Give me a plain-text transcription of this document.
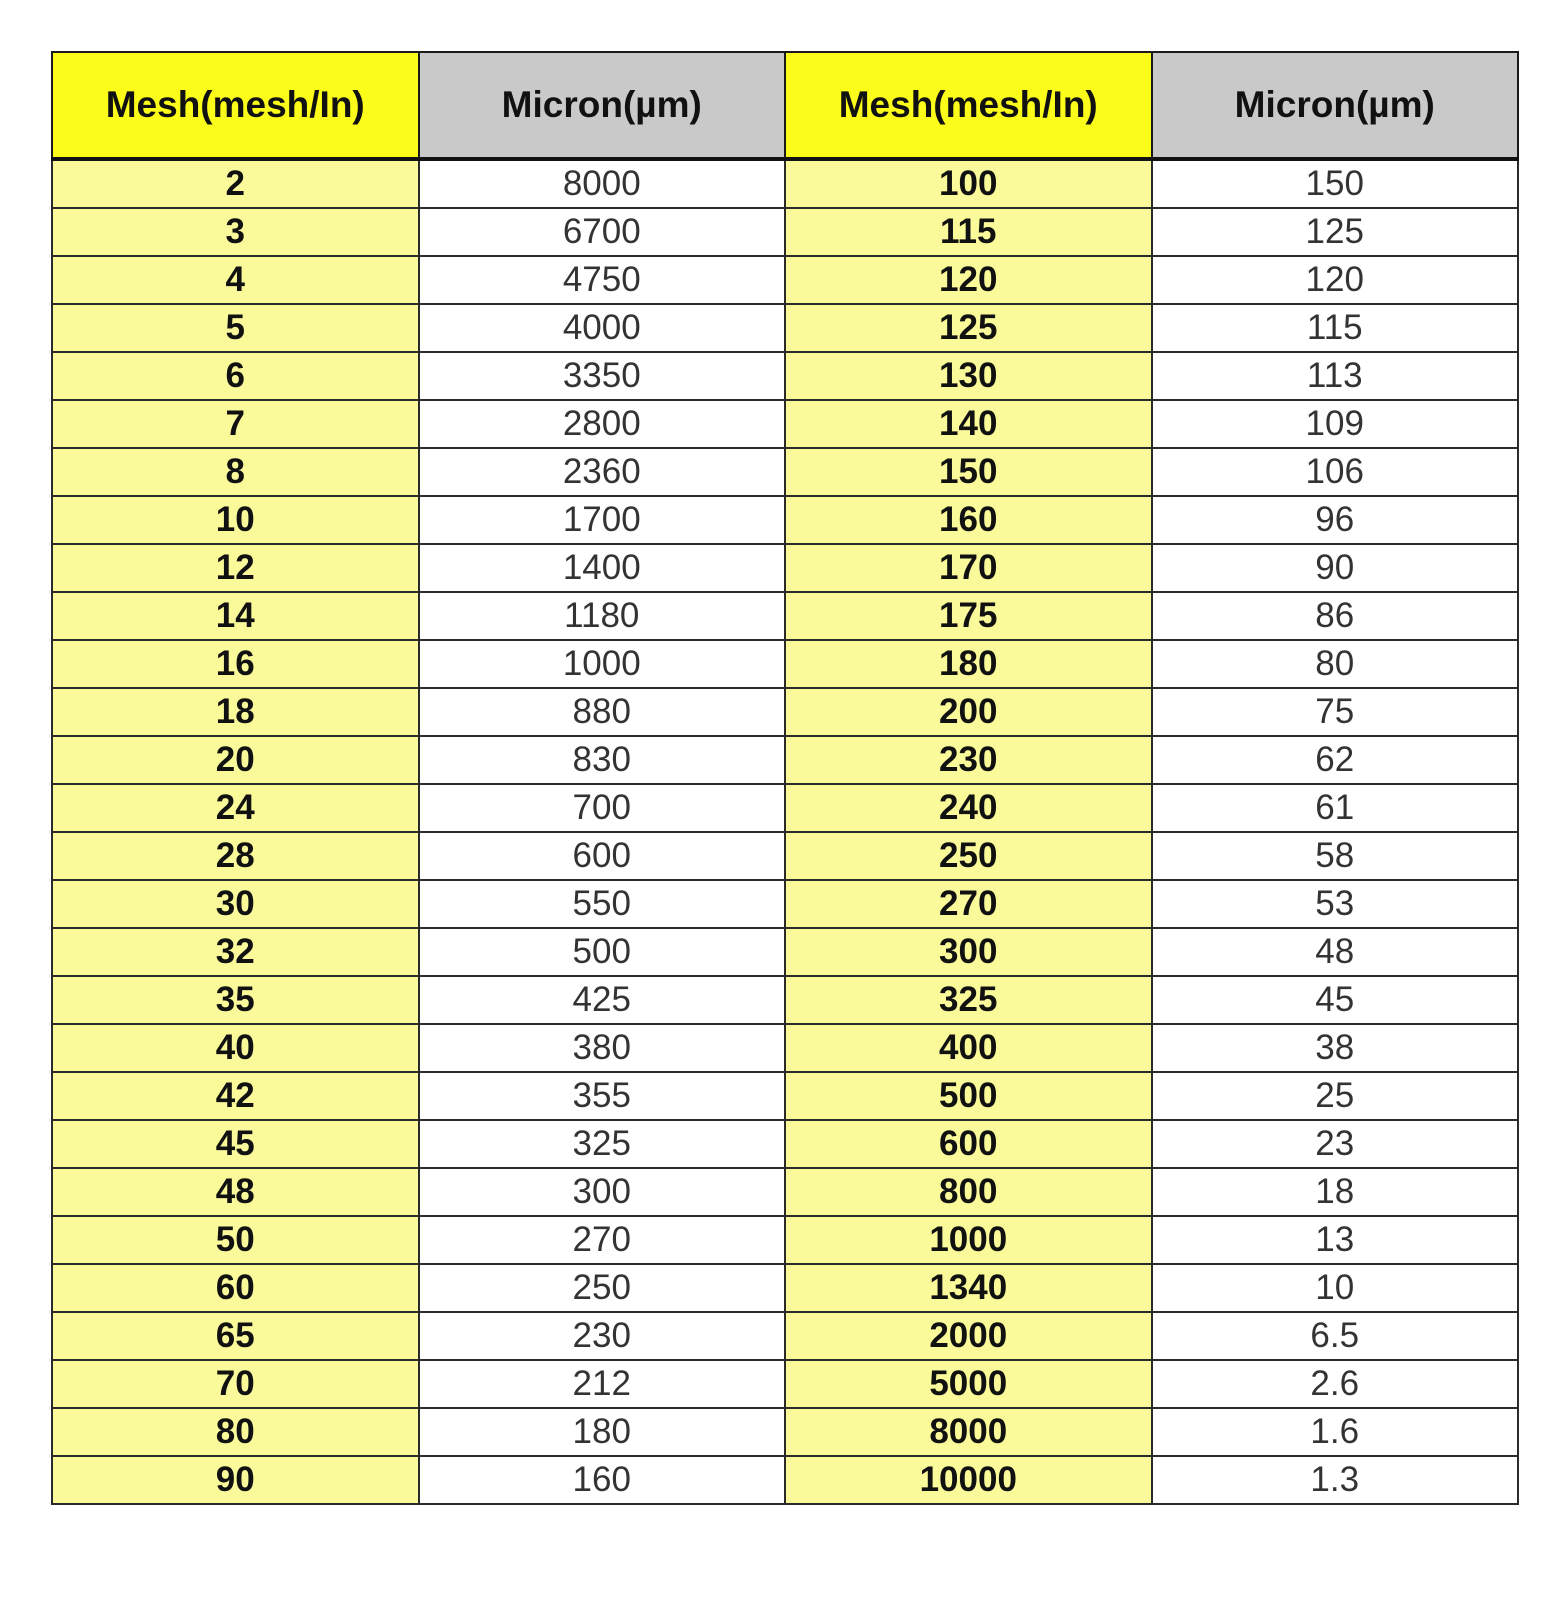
Mesh(mesh/In)	Micron(µm)	Mesh(mesh/In)	Micron(µm)
2	8000	100	150
3	6700	115	125
4	4750	120	120
5	4000	125	115
6	3350	130	113
7	2800	140	109
8	2360	150	106
10	1700	160	96
12	1400	170	90
14	1180	175	86
16	1000	180	80
18	880	200	75
20	830	230	62
24	700	240	61
28	600	250	58
30	550	270	53
32	500	300	48
35	425	325	45
40	380	400	38
42	355	500	25
45	325	600	23
48	300	800	18
50	270	1000	13
60	250	1340	10
65	230	2000	6.5
70	212	5000	2.6
80	180	8000	1.6
90	160	10000	1.3
